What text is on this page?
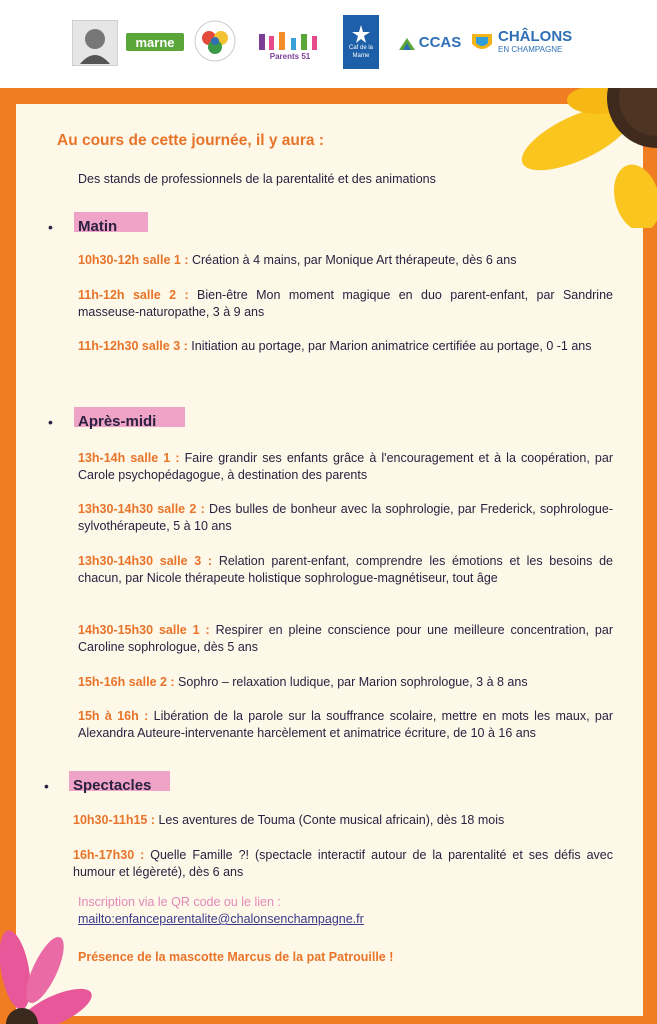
marne
Parents 51
Caf de la Marne
CCAS CHÂLONS
EN CHAMPAGNE
Au cours de cette journée, il y aura :
Des stands de professionnels de la parentalité et des animations
• Matin
10h30-12h salle 1 : Création à 4 mains, par Monique Art thérapeute, dès 6 ans
11h-12h salle 2 : Bien-être Mon moment magique en duo parent-enfant, par Sandrine masseuse-naturopathe, 3 à 9 ans
11h-12h30 salle 3 : Initiation au portage, par Marion animatrice certifiée au portage, 0 -1 ans
• Après-midi
13h-14h salle 1 : Faire grandir ses enfants grâce à l'encouragement et à la coopération, par Carole psychopédagogue, à destination des parents
13h30-14h30 salle 2 : Des bulles de bonheur avec la sophrologie, par Frederick, sophrologue-sylvothérapeute, 5 à 10 ans
13h30-14h30 salle 3 : Relation parent-enfant, comprendre les émotions et les besoins de chacun, par Nicole thérapeute holistique sophrologue-magnétiseur, tout âge
14h30-15h30 salle 1 : Respirer en pleine conscience pour une meilleure concentration, par Caroline sophrologue, dès 5 ans
15h-16h salle 2 : Sophro – relaxation ludique, par Marion sophrologue, 3 à 8 ans
15h à 16h : Libération de la parole sur la souffrance scolaire, mettre en mots les maux, par Alexandra Auteure-intervenante harcèlement et animatrice écriture, de 10 à 16 ans
• Spectacles
10h30-11h15 : Les aventures de Touma (Conte musical africain), dès 18 mois
16h-17h30 : Quelle Famille ?! (spectacle interactif autour de la parentalité et ses défis avec humour et légèreté), dès 6 ans
Inscription via le QR code ou le lien :
mailto:enfanceparentalite@chalonsenchampagne.fr
Présence de la mascotte Marcus de la pat Patrouille !
